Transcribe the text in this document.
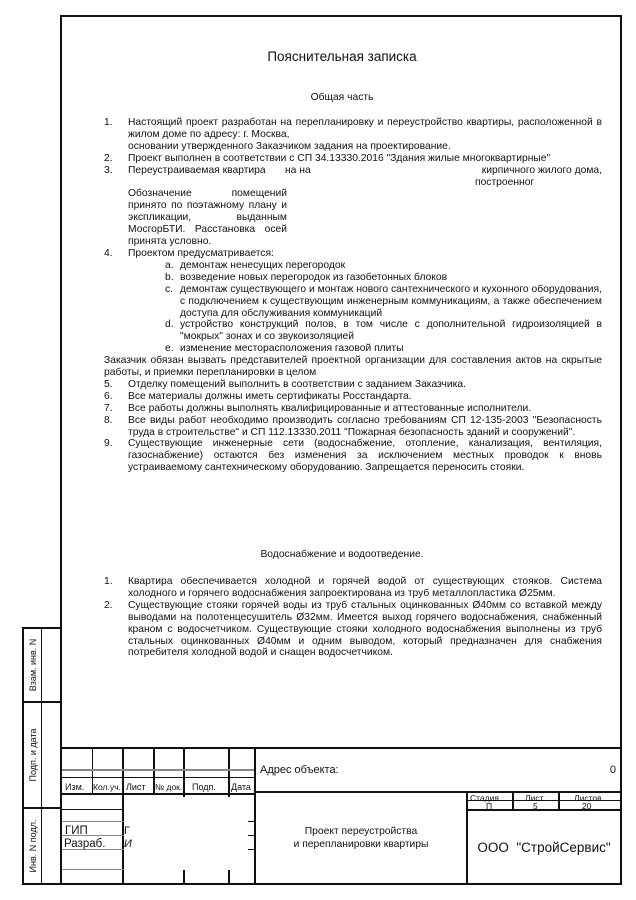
Взам. инв. N
Подп. и дата
Инв. N подл.
Пояснительная записка
Общая часть
1. Настоящий проект разработан на перепланировку и переустройство квартиры, расположенной в жилом доме по адресу: г. Москва,
основании утвержденного Заказчиком задания на проектирование.
2. Проект выполнен в соответствии с СП 34.13330.2016 "Здания жилые многоквартирные"
3. Переустраиваемая квартира	на на	кирпичного жилого дома, построенног
Обозначение помещений принято по поэтажному плану и экспликации, выданным МосгорБТИ. Расстановка осей принята условно.
4. Проектом предусматривается:
a. демонтаж ненесущих перегородок
b. возведение новых перегородок из газобетонных блоков
c. демонтаж существующего и монтаж нового сантехнического и кухонного оборудования, с подключением к существующим инженерным коммуникациям, а также обеспечением доступа для обслуживания коммуникаций
d. устройство конструкций полов, в том числе с дополнительной гидроизоляцией в "мокрых" зонах и со звукоизоляцией
e. изменение месторасположения газовой плиты
Заказчик обязан вызвать представителей проектной организации для составления актов на скрытые работы, и приемки перепланировки в целом
5. Отделку помещений выполнить в соответствии с заданием Заказчика.
6. Все материалы должны иметь сертификаты Росстандарта.
7. Все работы должны выполнять квалифицированные и аттестованные исполнители.
8. Все виды работ необходимо производить согласно требованиям СП 12-135-2003 "Безопасность труда в строительстве" и СП 112.13330.2011 "Пожарная безопасность зданий и сооружений".
9. Существующие инженерные сети (водоснабжение, отопление, канализация, вентиляция, газоснабжение) остаются без изменения за исключением местных проводок к вновь устраиваемому сантехническому оборудованию. Запрещается переносить стояки.
Водоснабжение и водоотведение.
1. Квартира обеспечивается холодной и горячей водой от существующих стояков. Система холодного и горячего водоснабжения запроектирована из труб металлопластика Ø25мм.
2. Существующие стояки горячей воды из труб стальных оцинкованных Ø40мм со вставкой между выводами на полотенцесушитель Ø32мм. Имеется выход горячего водоснабжения, снабженный краном с водосчетчиком. Существующие стояки холодного водоснабжения выполнены из труб стальных оцинкованных Ø40мм и одним выводом, который предназначен для снабжения потребителя холодной водой и снащен водосчетчиком.
Изм. Кол.уч. Лист № док. Подп. Дата
ГИП	Г
Разраб. И
Адрес объекта:	0
Проект переустройства
и перепланировки квартиры
Стадия	Лист	Листов
П	5	20
ООО  "СтройСервис"
